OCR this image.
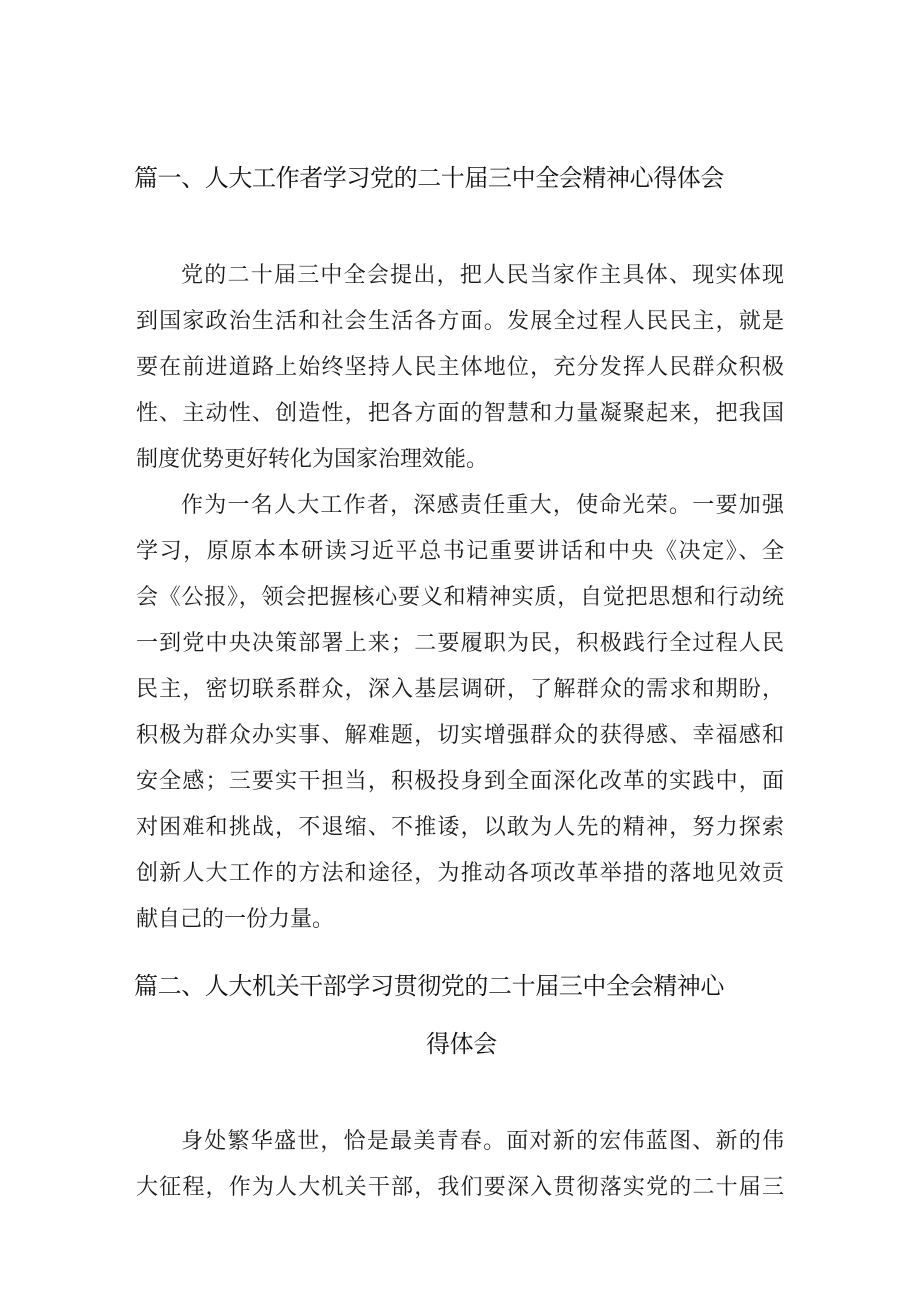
篇一、人大工作者学习党的二十届三中全会精神心得体会
党的二十届三中全会提出，把人民当家作主具体、现实体现
到国家政治生活和社会生活各方面。发展全过程人民民主，就是
要在前进道路上始终坚持人民主体地位，充分发挥人民群众积极
性、主动性、创造性，把各方面的智慧和力量凝聚起来，把我国
制度优势更好转化为国家治理效能。
作为一名人大工作者，深感责任重大，使命光荣。一要加强
学习，原原本本研读习近平总书记重要讲话和中央《决定》、全
会《公报》，领会把握核心要义和精神实质，自觉把思想和行动统
一到党中央决策部署上来；二要履职为民，积极践行全过程人民
民主，密切联系群众，深入基层调研，了解群众的需求和期盼，
积极为群众办实事、解难题，切实增强群众的获得感、幸福感和
安全感；三要实干担当，积极投身到全面深化改革的实践中，面
对困难和挑战，不退缩、不推诿，以敢为人先的精神，努力探索
创新人大工作的方法和途径，为推动各项改革举措的落地见效贡
献自己的一份力量。
篇二、人大机关干部学习贯彻党的二十届三中全会精神心
得体会
身处繁华盛世，恰是最美青春。面对新的宏伟蓝图、新的伟
大征程，作为人大机关干部，我们要深入贯彻落实党的二十届三
